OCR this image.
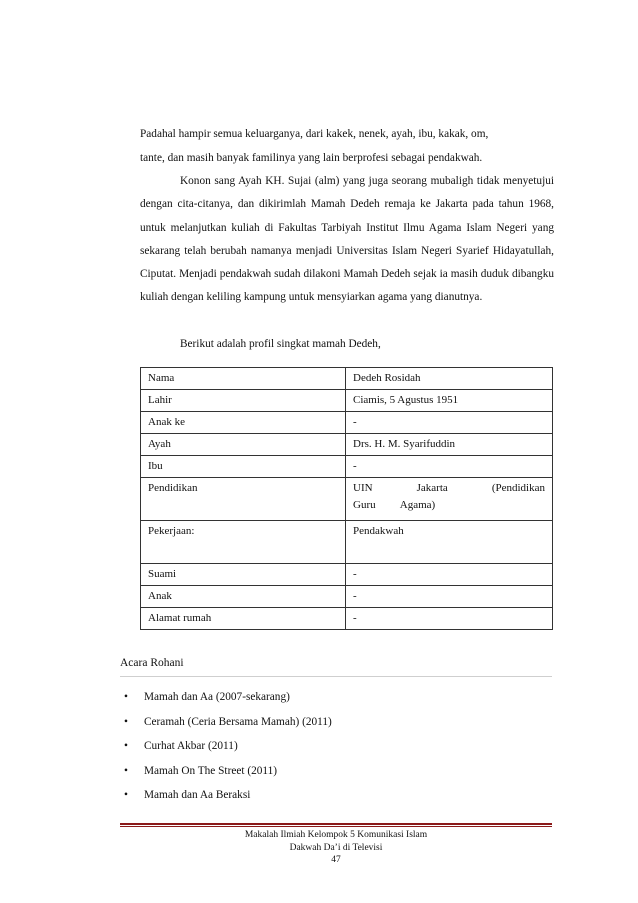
Padahal hampir semua keluarganya, dari kakek, nenek, ayah, ibu, kakak, om,
tante, dan masih banyak familinya yang lain berprofesi sebagai pendakwah.
Konon sang Ayah KH. Sujai (alm) yang juga seorang mubaligh tidak menyetujui dengan cita-citanya, dan dikirimlah Mamah Dedeh remaja ke Jakarta pada tahun 1968, untuk melanjutkan kuliah di Fakultas Tarbiyah Institut Ilmu Agama Islam Negeri yang sekarang telah berubah namanya menjadi Universitas Islam Negeri Syarief Hidayatullah, Ciputat. Menjadi pendakwah sudah dilakoni Mamah Dedeh sejak ia masih duduk dibangku kuliah dengan keliling kampung untuk mensyiarkan agama yang dianutnya.
Berikut adalah profil singkat mamah Dedeh,
Nama	Dedeh Rosidah
Lahir	Ciamis, 5 Agustus 1951
Anak ke	-
Ayah	Drs. H. M. Syarifuddin
Ibu	-
Pendidikan	UIN Jakarta (Pendidikan Guru Agama)
Pekerjaan:	Pendakwah
Suami	-
Anak	-
Alamat rumah	-
Acara Rohani
• Mamah dan Aa (2007-sekarang)
• Ceramah (Ceria Bersama Mamah) (2011)
• Curhat Akbar (2011)
• Mamah On The Street (2011)
• Mamah dan Aa Beraksi
Makalah Ilmiah Kelompok 5 Komunikasi Islam
Dakwah Da’i di Televisi
47
